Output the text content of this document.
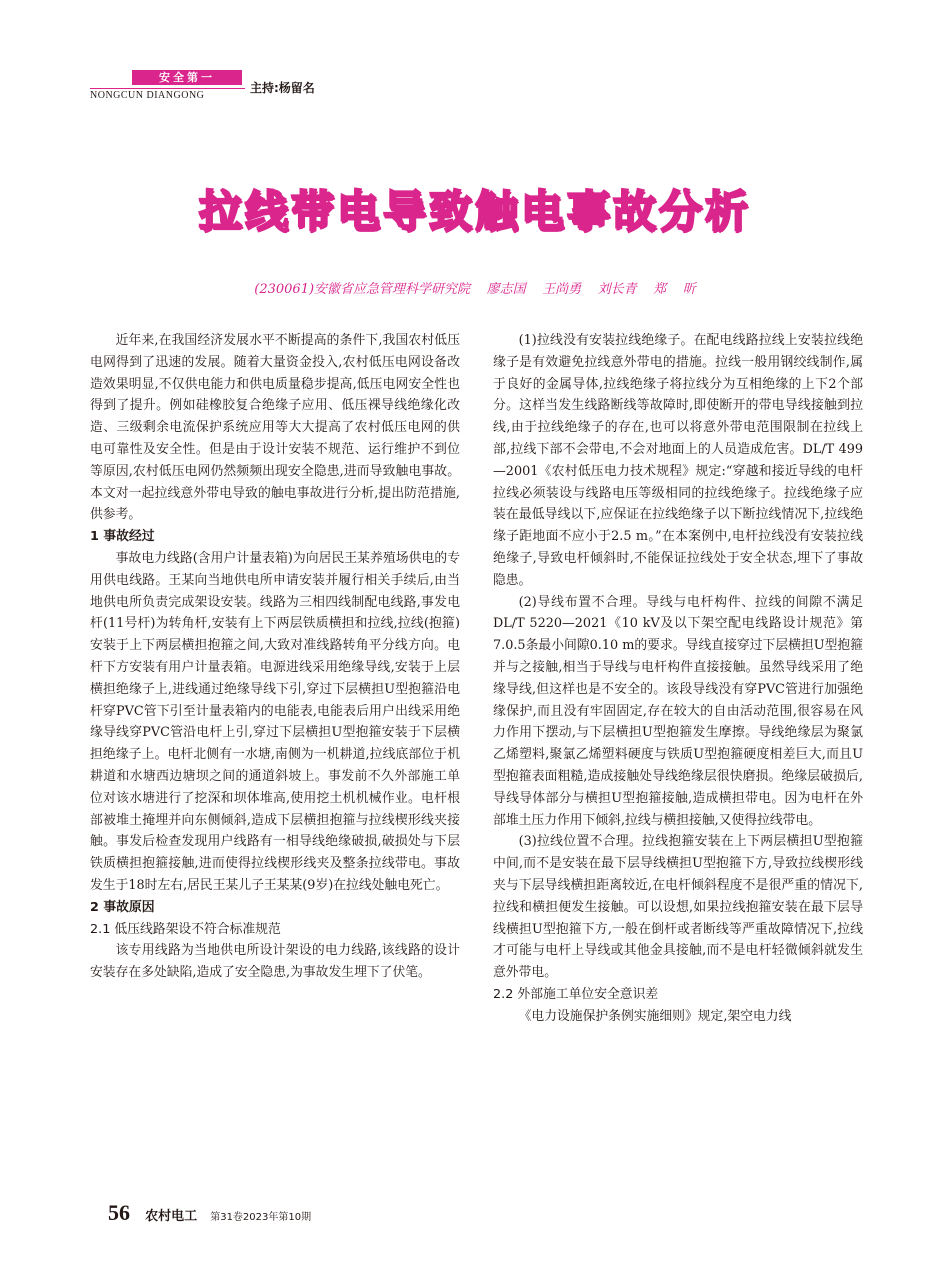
安全第一
NONGCUN DIANGONG
主持:杨留名
拉线带电导致触电事故分析
(230061)安徽省应急管理科学研究院    廖志国    王尚勇    刘长青    郑    昕

近年来,在我国经济发展水平不断提高的条件下,我国农村低压电网得到了迅速的发展。随着大量资金投入,农村低压电网设备改造效果明显,不仅供电能力和供电质量稳步提高,低压电网安全性也得到了提升。例如硅橡胶复合绝缘子应用、低压裸导线绝缘化改造、三级剩余电流保护系统应用等大大提高了农村低压电网的供电可靠性及安全性。但是由于设计安装不规范、运行维护不到位等原因,农村低压电网仍然频频出现安全隐患,进而导致触电事故。本文对一起拉线意外带电导致的触电事故进行分析,提出防范措施,供参考。

1 事故经过

事故电力线路(含用户计量表箱)为向居民王某养殖场供电的专用供电线路。王某向当地供电所申请安装并履行相关手续后,由当地供电所负责完成架设安装。线路为三相四线制配电线路,事发电杆(11号杆)为转角杆,安装有上下两层铁质横担和拉线,拉线(抱箍)安装于上下两层横担抱箍之间,大致对准线路转角平分线方向。电杆下方安装有用户计量表箱。电源进线采用绝缘导线,安装于上层横担绝缘子上,进线通过绝缘导线下引,穿过下层横担U型抱箍沿电杆穿PVC管下引至计量表箱内的电能表,电能表后用户出线采用绝缘导线穿PVC管沿电杆上引,穿过下层横担U型抱箍安装于下层横担绝缘子上。电杆北侧有一水塘,南侧为一机耕道,拉线底部位于机耕道和水塘西边塘坝之间的通道斜坡上。事发前不久外部施工单位对该水塘进行了挖深和坝体堆高,使用挖土机机械作业。电杆根部被堆土掩埋并向东侧倾斜,造成下层横担抱箍与拉线楔形线夹接触。事发后检查发现用户线路有一相导线绝缘破损,破损处与下层铁质横担抱箍接触,进而使得拉线楔形线夹及整条拉线带电。事故发生于18时左右,居民王某儿子王某某(9岁)在拉线处触电死亡。

2 事故原因
2.1 低压线路架设不符合标准规范

该专用线路为当地供电所设计架设的电力线路,该线路的设计安装存在多处缺陷,造成了安全隐患,为事故发生埋下了伏笔。

(1)拉线没有安装拉线绝缘子。在配电线路拉线上安装拉线绝缘子是有效避免拉线意外带电的措施。拉线一般用钢绞线制作,属于良好的金属导体,拉线绝缘子将拉线分为互相绝缘的上下2个部分。这样当发生线路断线等故障时,即使断开的带电导线接触到拉线,由于拉线绝缘子的存在,也可以将意外带电范围限制在拉线上部,拉线下部不会带电,不会对地面上的人员造成危害。DL/T 499—2001《农村低压电力技术规程》规定:“穿越和接近导线的电杆拉线必须装设与线路电压等级相同的拉线绝缘子。拉线绝缘子应装在最低导线以下,应保证在拉线绝缘子以下断拉线情况下,拉线绝缘子距地面不应小于2.5 m。”在本案例中,电杆拉线没有安装拉线绝缘子,导致电杆倾斜时,不能保证拉线处于安全状态,埋下了事故隐患。

(2)导线布置不合理。导线与电杆构件、拉线的间隙不满足DL/T 5220—2021《10 kV及以下架空配电线路设计规范》第7.0.5条最小间隙0.10 m的要求。导线直接穿过下层横担U型抱箍并与之接触,相当于导线与电杆构件直接接触。虽然导线采用了绝缘导线,但这样也是不安全的。该段导线没有穿PVC管进行加强绝缘保护,而且没有牢固固定,存在较大的自由活动范围,很容易在风力作用下摆动,与下层横担U型抱箍发生摩擦。导线绝缘层为聚氯乙烯塑料,聚氯乙烯塑料硬度与铁质U型抱箍硬度相差巨大,而且U型抱箍表面粗糙,造成接触处导线绝缘层很快磨损。绝缘层破损后,导线导体部分与横担U型抱箍接触,造成横担带电。因为电杆在外部堆土压力作用下倾斜,拉线与横担接触,又使得拉线带电。

(3)拉线位置不合理。拉线抱箍安装在上下两层横担U型抱箍中间,而不是安装在最下层导线横担U型抱箍下方,导致拉线楔形线夹与下层导线横担距离较近,在电杆倾斜程度不是很严重的情况下,拉线和横担便发生接触。可以设想,如果拉线抱箍安装在最下层导线横担U型抱箍下方,一般在倒杆或者断线等严重故障情况下,拉线才可能与电杆上导线或其他金具接触,而不是电杆轻微倾斜就发生意外带电。

2.2 外部施工单位安全意识差

《电力设施保护条例实施细则》规定,架空电力线

56 农村电工 第31卷2023年第10期
